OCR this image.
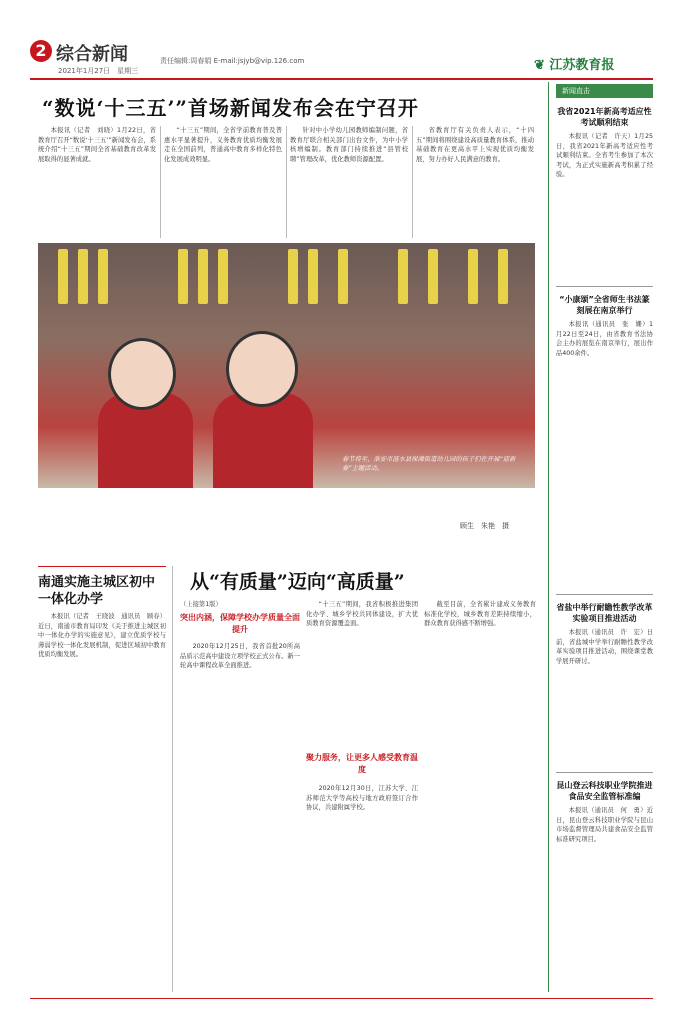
2 综合新闻
2021年1月27日　星期三
责任编辑:周春娟 E-mail:jsjyb@vip.126.com	❦ 江苏教育报
“数说‘十三五’”首场新闻发布会在宁召开

本报讯（记者　刘晓）1月22日，省教育厅召开“数说‘十三五’”新闻发布会，系统介绍“十三五”期间全省基础教育改革发展取得的显著成就。

“十三五”期间，全省学前教育普及普惠水平显著提升，义务教育优质均衡发展走在全国前列，普通高中教育多样化特色化发展成效明显。

针对中小学幼儿园教师编制问题，省教育厅联合相关部门出台文件，为中小学核增编制。教育部门持续推进“县管校聘”管理改革，优化教师资源配置。

省教育厅有关负责人表示，“十四五”期间将围绕建设高质量教育体系，推动基础教育在更高水平上实现优质均衡发展，努力办好人民满意的教育。

春节将至，淮安市涟水县保滩街道幼儿园的孩子们在开展“迎新春”主题活动。
顾生　朱艳　摄
南通实施主城区初中一体化办学

本报讯（记者　王晓波　通讯员　顾春）近日，南通市教育局印发《关于推进主城区初中一体化办学的实施意见》，建立优质学校与薄弱学校一体化发展机制，促进区域初中教育优质均衡发展。

从“有质量”迈向“高质量”
（上接第1版）
突出内涵，保障学校办学质量全面提升

2020年12月25日，我省首批20所高品质示范高中建设立项学校正式公布。新一轮高中课程改革全面推进。

“十三五”期间，我省积极推进集团化办学、城乡学校共同体建设，扩大优质教育资源覆盖面。

聚力服务，让更多人感受教育温度

2020年12月30日，江苏大学、江苏师范大学等高校与地方政府签订合作协议，共建附属学校。

截至目前，全省累计建成义务教育标准化学校，城乡教育差距持续缩小，群众教育获得感不断增强。

新闻直击
我省2021年新高考适应性考试顺利结束

本报讯（记者　许天）1月25日，我省2021年新高考适应性考试顺利结束。全省考生参加了本次考试，为正式实施新高考积累了经验。

“小康颂”全省师生书法篆刻展在南京举行

本报讯（通讯员　张　姗）1月22日至24日，由省教育书法协会主办的展览在南京举行，展出作品400余件。

省盐中举行耐瞻性教学改革实验项目推进活动

本报讯（通讯员　许　宏）日前，省盐城中学举行耐瞻性教学改革实验项目推进活动，围绕课堂教学展开研讨。

昆山登云科技职业学院推进食品安全监管标准编

本报讯（通讯员　何　勇）近日，昆山登云科技职业学院与昆山市场监督管理局共建食品安全监管标准研究项目。
